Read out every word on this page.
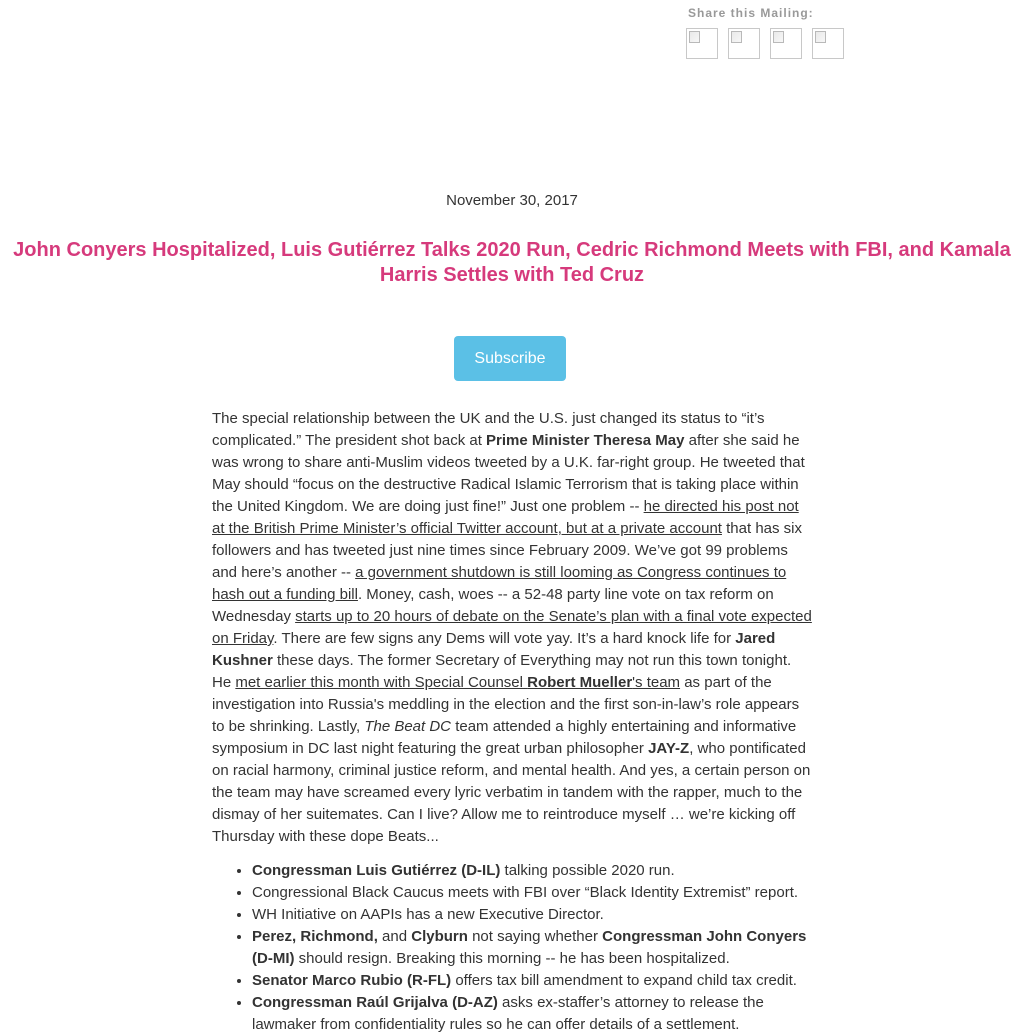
Share this Mailing:
November 30, 2017
John Conyers Hospitalized, Luis Gutiérrez Talks 2020 Run, Cedric Richmond Meets with FBI, and Kamala Harris Settles with Ted Cruz
Subscribe

The special relationship between the UK and the U.S. just changed its status to “it’s complicated.” The president shot back at Prime Minister Theresa May after she said he was wrong to share anti-Muslim videos tweeted by a U.K. far-right group. He tweeted that May should “focus on the destructive Radical Islamic Terrorism that is taking place within the United Kingdom. We are doing just fine!” Just one problem -- he directed his post not at the British Prime Minister’s official Twitter account, but at a private account that has six followers and has tweeted just nine times since February 2009. We’ve got 99 problems and here’s another -- a government shutdown is still looming as Congress continues to hash out a funding bill. Money, cash, woes -- a 52-48 party line vote on tax reform on Wednesday starts up to 20 hours of debate on the Senate’s plan with a final vote expected on Friday. There are few signs any Dems will vote yay. It’s a hard knock life for Jared Kushner these days. The former Secretary of Everything may not run this town tonight. He met earlier this month with Special Counsel Robert Mueller's team as part of the investigation into Russia's meddling in the election and the first son-in-law’s role appears to be shrinking. Lastly, The Beat DC team attended a highly entertaining and informative symposium in DC last night featuring the great urban philosopher JAY-Z, who pontificated on racial harmony, criminal justice reform, and mental health. And yes, a certain person on the team may have screamed every lyric verbatim in tandem with the rapper, much to the dismay of her suitemates. Can I live? Allow me to reintroduce myself … we’re kicking off Thursday with these dope Beats...

• Congressman Luis Gutiérrez (D-IL) talking possible 2020 run.
• Congressional Black Caucus meets with FBI over “Black Identity Extremist” report.
• WH Initiative on AAPIs has a new Executive Director.
• Perez, Richmond, and Clyburn not saying whether Congressman John Conyers (D-MI) should resign. Breaking this morning -- he has been hospitalized.
• Senator Marco Rubio (R-FL) offers tax bill amendment to expand child tax credit.
• Congressman Raúl Grijalva (D-AZ) asks ex-staffer’s attorney to release the lawmaker from confidentiality rules so he can offer details of a settlement.
